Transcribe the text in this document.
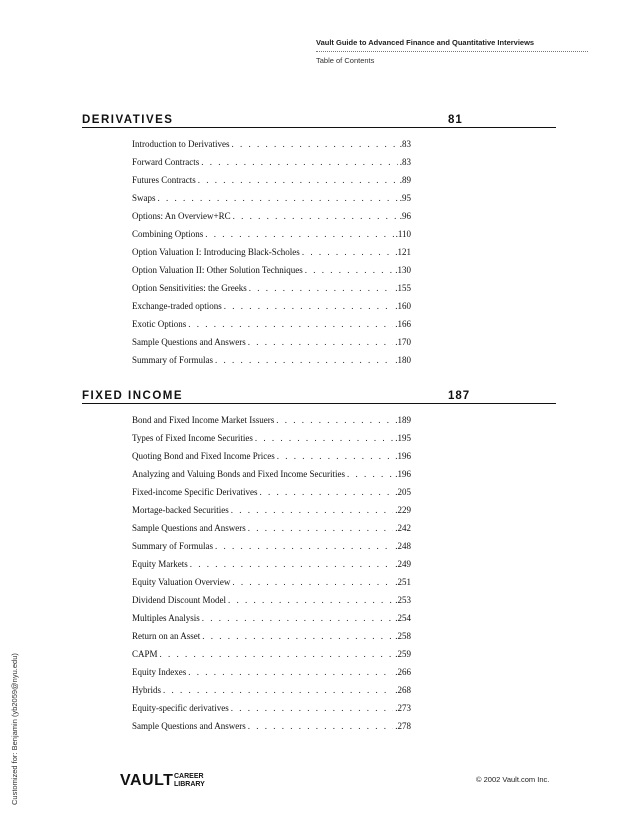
Vault Guide to Advanced Finance and Quantitative Interviews
Table of Contents
DERIVATIVES	81
Introduction to Derivatives . . .	.83
Forward Contracts . . .	.83
Futures Contracts . . .	.89
Swaps . . .	.95
Options: An Overview+RC . . .	.96
Combining Options . . .	.110
Option Valuation I: Introducing Black-Scholes . . .	.121
Option Valuation II: Other Solution Techniques . . .	.130
Option Sensitivities: the Greeks . . .	.155
Exchange-traded options . . .	.160
Exotic Options . . .	.166
Sample Questions and Answers . . .	.170
Summary of Formulas . . .	.180
FIXED INCOME	187
Bond and Fixed Income Market Issuers . . .	.189
Types of Fixed Income Securities . . .	.195
Quoting Bond and Fixed Income Prices . . .	.196
Analyzing and Valuing Bonds and Fixed Income Securities . . .	.196
Fixed-income Specific Derivatives . . .	.205
Mortage-backed Securities . . .	.229
Sample Questions and Answers . . .	.242
Summary of Formulas . . .	.248
Equity Markets . . .	.249
Equity Valuation Overview . . .	.251
Dividend Discount Model . . .	.253
Multiples Analysis . . .	.254
Return on an Asset . . .	.258
CAPM . . .	.259
Equity Indexes . . .	.266
Hybrids . . .	.268
Equity-specific derivatives . . .	.273
Sample Questions and Answers . . .	.278
Customized for: Benjamin (yb2059@nyu.edu)	VAULT CAREER
LIBRARY
© 2002 Vault.com Inc.
